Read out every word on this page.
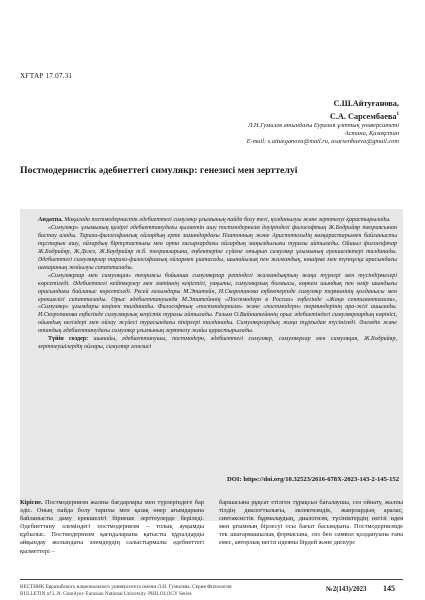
ХҒТАР 17.07.31
С.Ш.Айтуғанова,
С.А. Сарсембаева$^1$
Л.Н.Гумилев атындағы Еуразия ұлттық университеті
Астана, Қазақстан
E-mail: s.aitueganova@mail.ru, asarsenbaeva@gmail.com
Постмодернистік әдебиеттегі симулякр: генезисі мен зерттелуі

Андатпа. Мақалада постмодернистік әдебиеттегі симулякр ұғымының пайда болу тегі, қолданылуы және зерттелуі қарастырылады.

«Симулякр» ұғымының қазіргі әдебиеттанудағы қызметін ашу постмодернизм дәуіріндегі философтың Ж.Бодрийяр теориясынан бастау алады. Тарихи-философиялық ойлардың ерте замандардағы Платонның және Аристотельдің көзқарастарымен байланысты тұстарын ашу, ойлардың біртұтастығы мен орта ғасырлардағы ойлардың маңыздылығы туралы айтылады. Ойшыл философтар Ж.Бодрийяр, Ж.Делез, Ж.Баудрийяр т.б. теорияларына, еңбектеріне сүйене отырып симулякр ұғымының ерекшеліктері талданады. Әдебиеттегі симулякрлар тарихи-философиялық ойлармен ұштасады, шынайылық пен жалғандық, көшірме мен түпнұсқа арасындағы шекараның жойылуы сипатталады.

«Симулякрлар мен симуляция» теориясы бойынша симулякрлар ретіндегі жалғандықтың жаңа түрлері мен түсіндірмелері көрсетіледі. Әдебиеттегі кейіпкерлер мен мәтіннің кеңістігі, уақыты, симулякрлық болмысы, көркем шындық пен өмір шындығы арасындағы байланыс көрсетіледі. Ресей ғалымдары М.Эпштейн, И.Скоропанова еңбектерінде симулякр терминінің қолданысы мен ерекшелігі сипатталады. Орыс әдебиеттануында М.Эпштейннің «Постмодерн в России» еңбегінде «Жаңа сентиментализм», «Симулякр» ұғымдары кеңінен талданады. Философтың «постмодернизм» және «постмодерн» терминдерінің ара-жігі ашылады. И.Скоропанова еңбегінде симулякрлық кеңістік туралы айтылады. Ғалым О.Вайнштейннің орыс әдебиетіндегі симулякрлардың көрінісі, ойындық негіздері мен ойлау жүйесі турасындағы пікірлері талданады. Симулякрлардың жаңа тұрғыдан түсініледі. Әлемдік және отандық әдебиеттанудағы симулякр ұғымының зерттелу жайы қарастырылады.

Түйін сөздер: шынайы, әдебиеттанушы, постмодерн, әдебиеттегі симулякр, симулякрлар мен симуляция, Ж.Бодрийяр, зерттеушілердің ойлары, симулякр генезисі

DOI: https://doi.org/10.32523/2616-678X-2023-143-2-145-152
Кіріспе. Постмодернизм жалпы бағдарлары мен түрлеріндеге бар әдіс. Оның пайда болу тарихы мен қазақ өнер ағымдарына байланысты даму ерекшелігі бірнеше зерттеулерде беріледі. Әдебиеттану әлеміндегі постмодернизм – толық ауқымды құбылыс. Постмодернизм қағидаларына қатысты құралдарды айқындау жолындағы әлемдердің салыстырмалы әдебиеттегі қызметтері –
баршасына рұқсат етілген тұрақсыз бағалаушы, сөз ойнату, жалпы тілдің диалогтылығы, эклектизмдік, жанрлардың аралас, синтаксистік бұрмалаудың, диалогизм, түсініктердің негізі идея мен ұғымның бірлесуі осы бағыт басымдығы. Постмодернизмде тек шығармашылық формасына, сөз бен символ қолдануына ғана емес, авторлық негізі идеяны бірдей және дискурс
ВЕСТНИК Евразийского национального университета имени Л.Н. Гумилева. Серия Филология
BULLETIN of L.N. Gumilyov Eurasian National University. PHILOLOGY Series
№2(143)/2023 145
